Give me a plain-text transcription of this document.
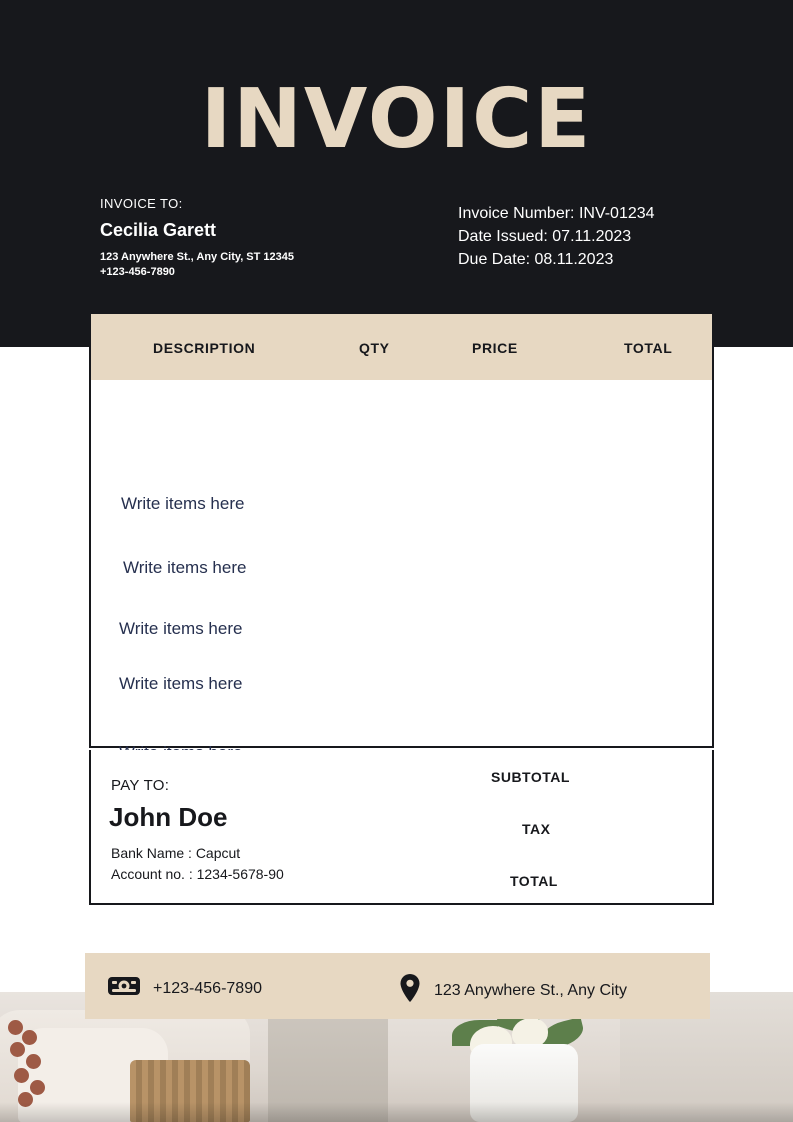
INVOICE
INVOICE TO:
Cecilia Garett
123 Anywhere St., Any City, ST 12345
+123-456-7890
Invoice Number: INV-01234
Date Issued: 07.11.2023
Due Date: 08.11.2023
DESCRIPTION	QTY	PRICE	TOTAL
Write items here
Write items here
Write items here
Write items here
PAY TO:
John Doe
Bank Name : Capcut
Account no. : 1234-5678-90
SUBTOTAL
TAX
TOTAL
+123-456-7890	123 Anywhere St., Any City
